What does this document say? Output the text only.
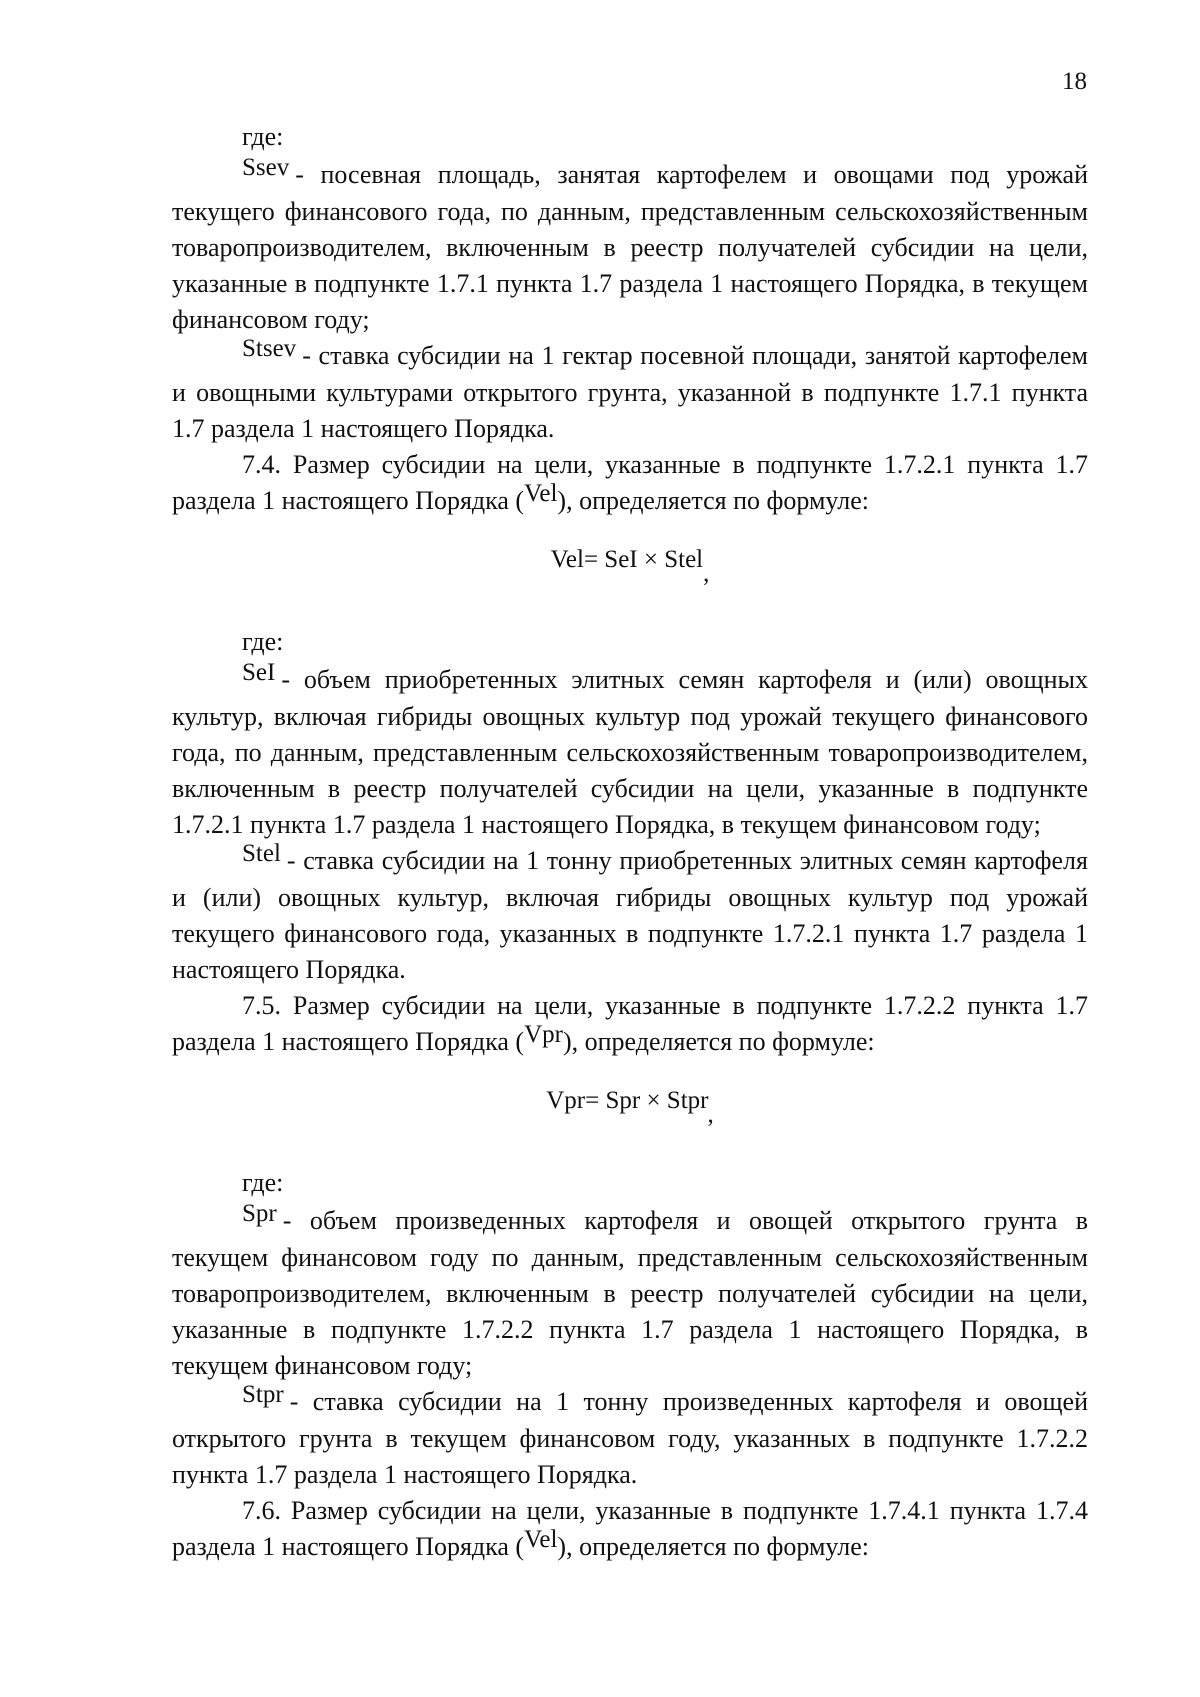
18
где:

Ssev - посевная площадь, занятая картофелем и овощами под урожай текущего финансового года, по данным, представленным сельскохозяйственным товаропроизводителем, включенным в реестр получателей субсидии на цели, указанные в подпункте 1.7.1 пункта 1.7 раздела 1 настоящего Порядка, в текущем финансовом году;

Stsev - ставка субсидии на 1 гектар посевной площади, занятой картофелем и овощными культурами открытого грунта, указанной в подпункте 1.7.1 пункта 1.7 раздела 1 настоящего Порядка.

7.4. Размер субсидии на цели, указанные в подпункте 1.7.2.1 пункта 1.7 раздела 1 настоящего Порядка (Vel), определяется по формуле:

Vel= SeI × Stel,
где:

SeI - объем приобретенных элитных семян картофеля и (или) овощных культур, включая гибриды овощных культур под урожай текущего финансового года, по данным, представленным сельскохозяйственным товаропроизводителем, включенным в реестр получателей субсидии на цели, указанные в подпункте 1.7.2.1 пункта 1.7 раздела 1 настоящего Порядка, в текущем финансовом году;

Stel - ставка субсидии на 1 тонну приобретенных элитных семян картофеля и (или) овощных культур, включая гибриды овощных культур под урожай текущего финансового года, указанных в подпункте 1.7.2.1 пункта 1.7 раздела 1 настоящего Порядка.

7.5. Размер субсидии на цели, указанные в подпункте 1.7.2.2 пункта 1.7 раздела 1 настоящего Порядка (Vpr), определяется по формуле:

Vpr= Spr × Stpr,
где:

Spr - объем произведенных картофеля и овощей открытого грунта в текущем финансовом году по данным, представленным сельскохозяйственным товаропроизводителем, включенным в реестр получателей субсидии на цели, указанные в подпункте 1.7.2.2 пункта 1.7 раздела 1 настоящего Порядка, в текущем финансовом году;

Stpr - ставка субсидии на 1 тонну произведенных картофеля и овощей открытого грунта в текущем финансовом году, указанных в подпункте 1.7.2.2 пункта 1.7 раздела 1 настоящего Порядка.

7.6. Размер субсидии на цели, указанные в подпункте 1.7.4.1 пункта 1.7.4 раздела 1 настоящего Порядка (Vel), определяется по формуле:
